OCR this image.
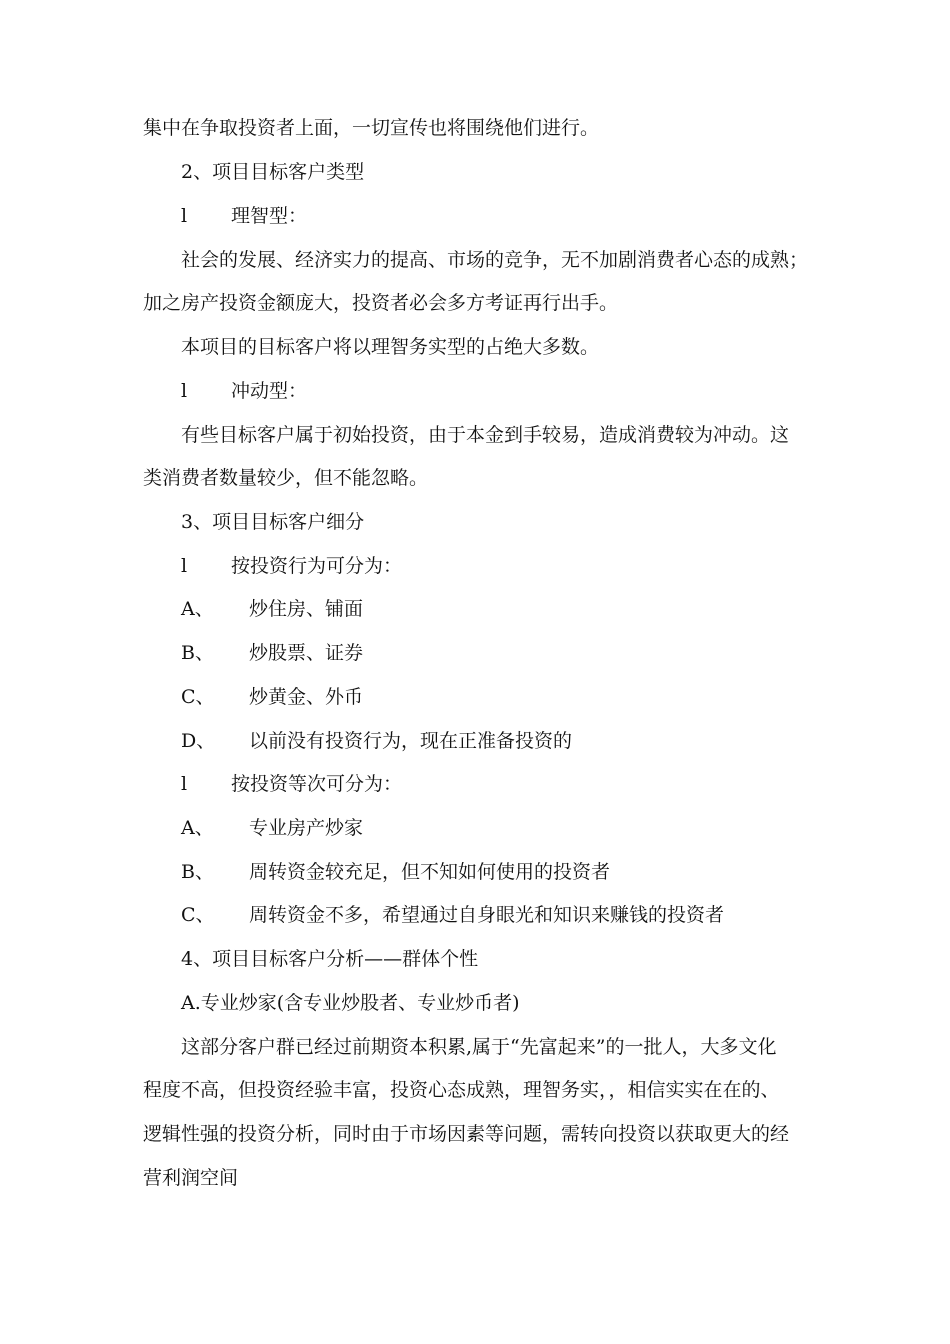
集中在争取投资者上面，一切宣传也将围绕他们进行。
2、项目目标客户类型
l 理智型：
社会的发展、经济实力的提高、市场的竞争，无不加剧消费者心态的成熟；
加之房产投资金额庞大，投资者必会多方考证再行出手。
本项目的目标客户将以理智务实型的占绝大多数。
l 冲动型：
有些目标客户属于初始投资，由于本金到手较易，造成消费较为冲动。这
类消费者数量较少，但不能忽略。
3、项目目标客户细分
l 按投资行为可分为：
A、 炒住房、铺面
B、 炒股票、证券
C、 炒黄金、外币
D、 以前没有投资行为，现在正准备投资的
l 按投资等次可分为：
A、 专业房产炒家
B、 周转资金较充足，但不知如何使用的投资者
C、 周转资金不多，希望通过自身眼光和知识来赚钱的投资者
4、项目目标客户分析——群体个性
A.专业炒家(含专业炒股者、专业炒币者)
这部分客户群已经过前期资本积累,属于“先富起来”的一批人，大多文化
程度不高，但投资经验丰富，投资心态成熟，理智务实，，相信实实在在的、
逻辑性强的投资分析，同时由于市场因素等问题，需转向投资以获取更大的经
营利润空间
